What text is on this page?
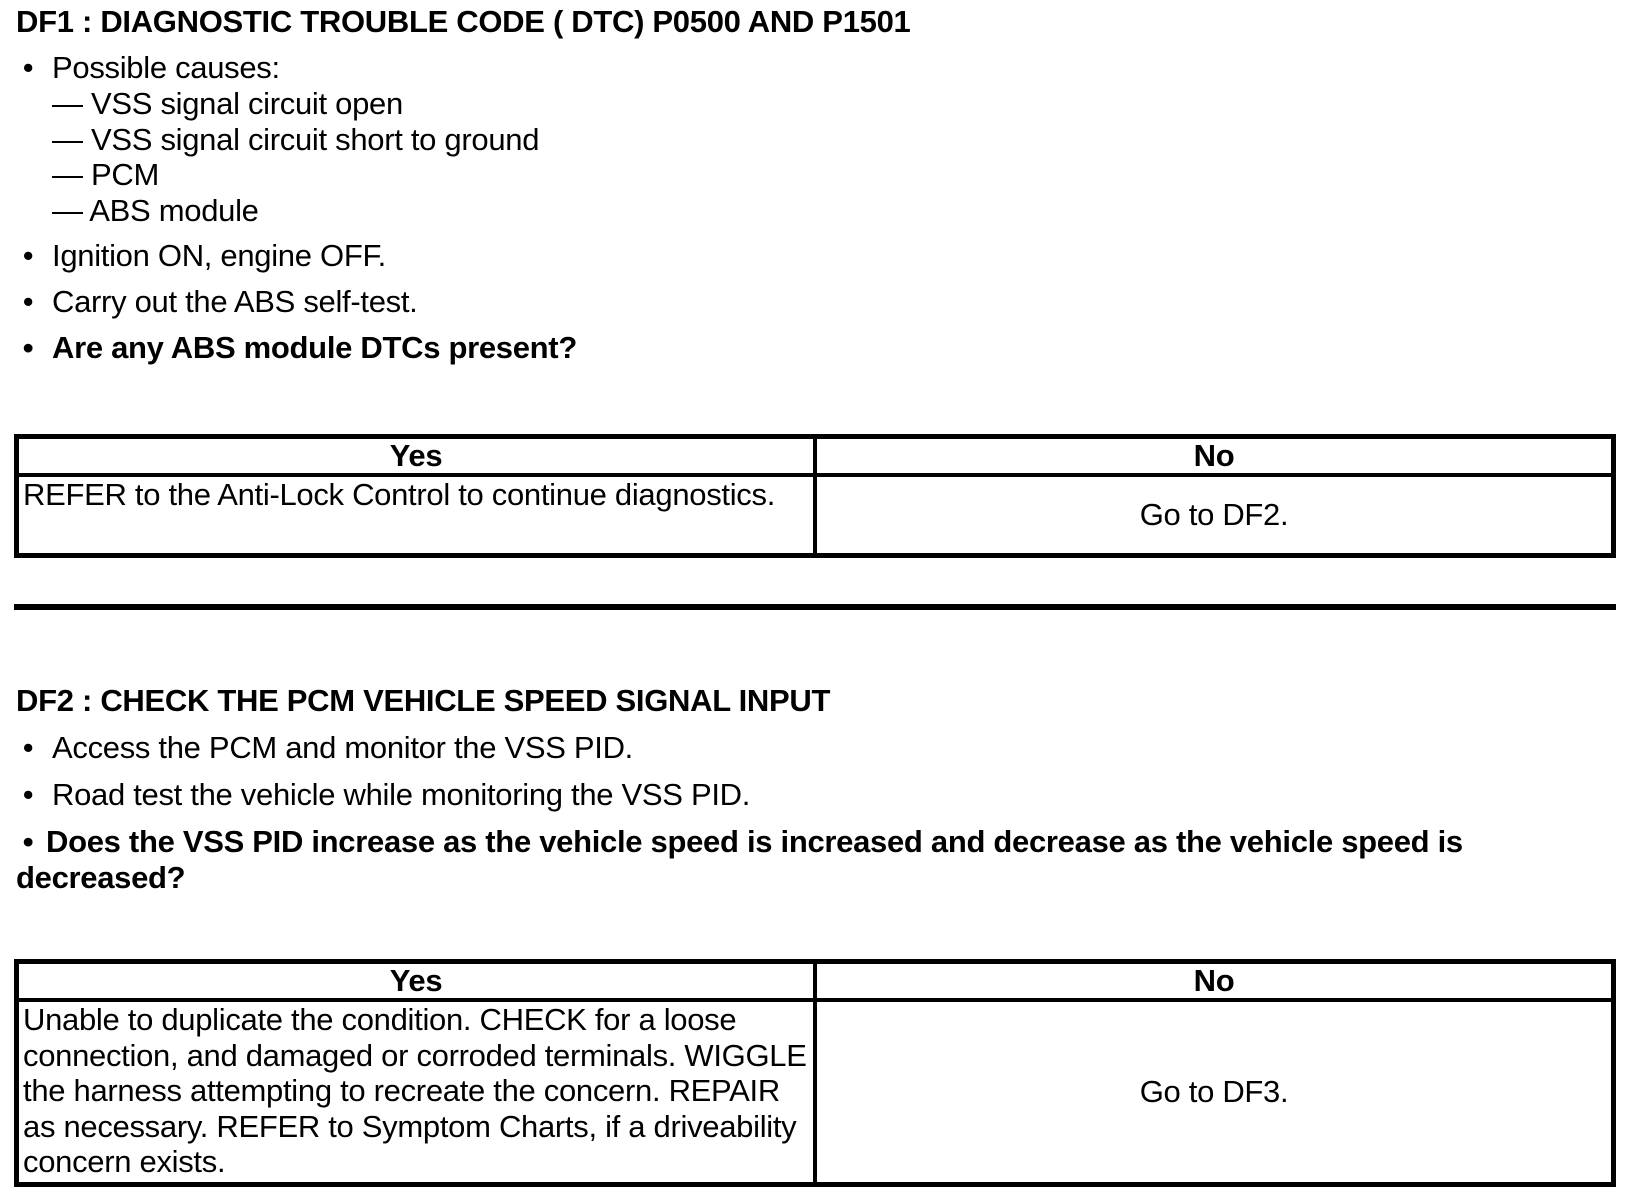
DF1 : DIAGNOSTIC TROUBLE CODE ( DTC) P0500 AND P1501
• Possible causes:
— VSS signal circuit open
— VSS signal circuit short to ground
— PCM
— ABS module
• Ignition ON, engine OFF.
• Carry out the ABS self-test.
• Are any ABS module DTCs present?
Yes	No
REFER to the Anti-Lock Control to continue diagnostics.	Go to DF2.
DF2 : CHECK THE PCM VEHICLE SPEED SIGNAL INPUT
• Access the PCM and monitor the VSS PID.
• Road test the vehicle while monitoring the VSS PID.
• Does the VSS PID increase as the vehicle speed is increased and decrease as the vehicle speed is decreased?
Yes	No
Unable to duplicate the condition. CHECK for a loose connection, and damaged or corroded terminals. WIGGLE the harness attempting to recreate the concern. REPAIR as necessary. REFER to Symptom Charts, if a driveability concern exists.	Go to DF3.
